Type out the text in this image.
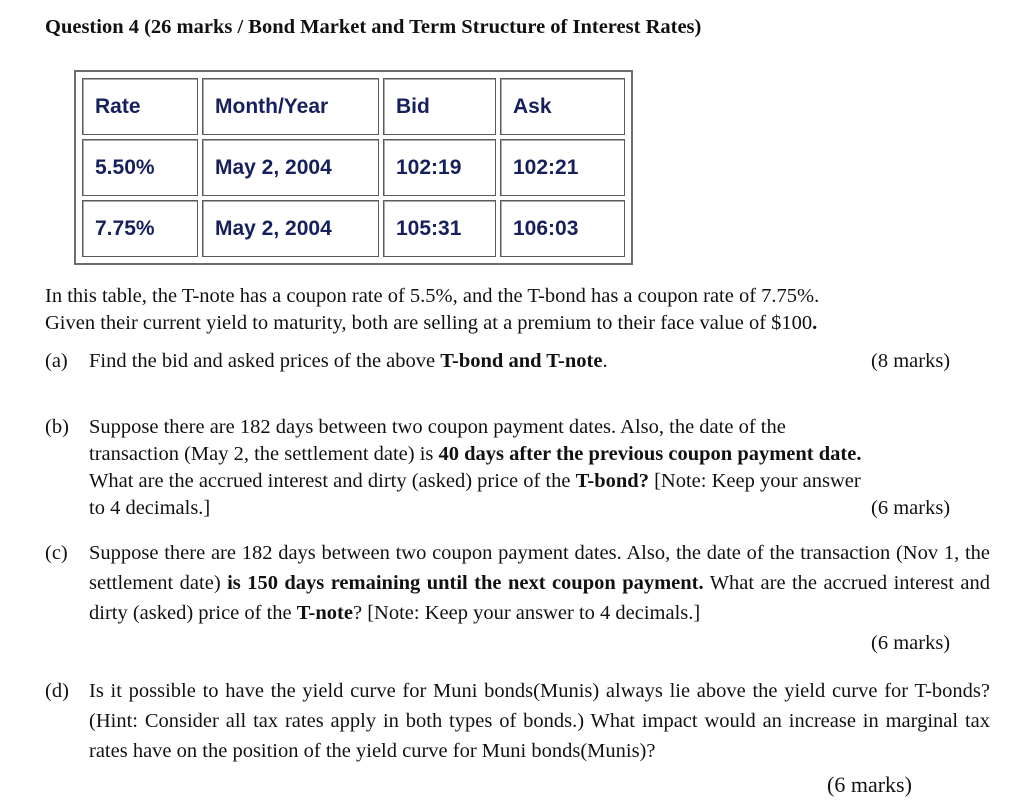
Question 4 (26 marks / Bond Market and Term Structure of Interest Rates)
Rate	Month/Year	Bid	Ask
5.50%	May 2, 2004	102:19	102:21
7.75%	May 2, 2004	105:31	106:03
In this table, the T-note has a coupon rate of 5.5%, and the T-bond has a coupon rate of 7.75%.
Given their current yield to maturity, both are selling at a premium to their face value of $100.
(a) Find the bid and asked prices of the above T-bond and T-note.	(8 marks)
(b) Suppose there are 182 days between two coupon payment dates. Also, the date of the
transaction (May 2, the settlement date) is 40 days after the previous coupon payment date.
What are the accrued interest and dirty (asked) price of the T-bond? [Note: Keep your answer
to 4 decimals.]	(6 marks)
(c) Suppose there are 182 days between two coupon payment dates. Also, the date of the transaction (Nov 1, the settlement date) is 150 days remaining until the next coupon payment. What are the accrued interest and dirty (asked) price of the T-note? [Note: Keep your answer to 4 decimals.]
(6 marks)
(d) Is it possible to have the yield curve for Muni bonds(Munis) always lie above the yield curve for T-bonds? (Hint: Consider all tax rates apply in both types of bonds.) What impact would an increase in marginal tax rates have on the position of the yield curve for Muni bonds(Munis)?
(6 marks)
